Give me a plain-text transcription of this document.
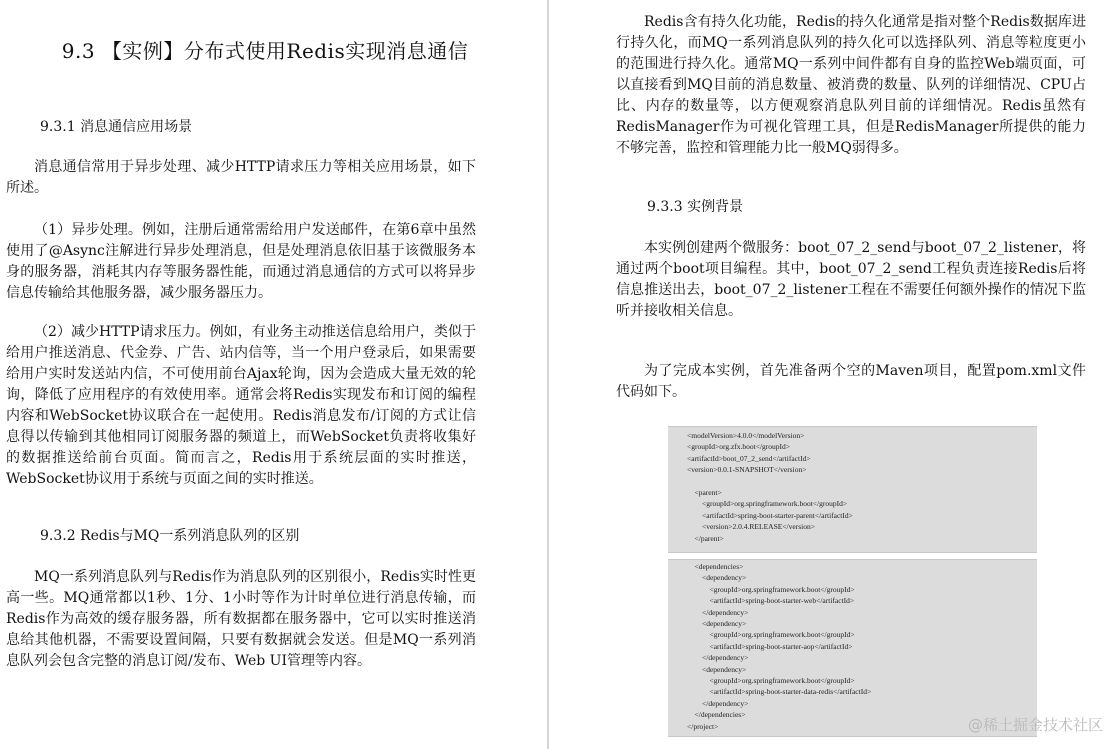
9.3 【实例】分布式使用Redis实现消息通信
9.3.1 消息通信应用场景
消息通信常用于异步处理、减少HTTP请求压力等相关应用场景，如下所述。
（1）异步处理。例如，注册后通常需给用户发送邮件，在第6章中虽然使用了@Async注解进行异步处理消息，但是处理消息依旧基于该微服务本身的服务器，消耗其内存等服务器性能，而通过消息通信的方式可以将异步信息传输给其他服务器，减少服务器压力。
（2）减少HTTP请求压力。例如，有业务主动推送信息给用户，类似于给用户推送消息、代金券、广告、站内信等，当一个用户登录后，如果需要给用户实时发送站内信，不可使用前台Ajax轮询，因为会造成大量无效的轮询，降低了应用程序的有效使用率。通常会将Redis实现发布和订阅的编程内容和WebSocket协议联合在一起使用。Redis消息发布/订阅的方式让信息得以传输到其他相同订阅服务器的频道上，而WebSocket负责将收集好的数据推送给前台页面。简而言之，Redis用于系统层面的实时推送，WebSocket协议用于系统与页面之间的实时推送。
9.3.2 Redis与MQ一系列消息队列的区别
MQ一系列消息队列与Redis作为消息队列的区别很小，Redis实时性更高一些。MQ通常都以1秒、1分、1小时等作为计时单位进行消息传输，而Redis作为高效的缓存服务器，所有数据都在服务器中，它可以实时推送消息给其他机器，不需要设置间隔，只要有数据就会发送。但是MQ一系列消息队列会包含完整的消息订阅/发布、Web UI管理等内容。
Redis含有持久化功能，Redis的持久化通常是指对整个Redis数据库进行持久化，而MQ一系列消息队列的持久化可以选择队列、消息等粒度更小的范围进行持久化。通常MQ一系列中间件都有自身的监控Web端页面，可以直接看到MQ目前的消息数量、被消费的数量、队列的详细情况、CPU占比、内存的数量等，以方便观察消息队列目前的详细情况。Redis虽然有RedisManager作为可视化管理工具，但是RedisManager所提供的能力不够完善，监控和管理能力比一般MQ弱得多。
9.3.3 实例背景
本实例创建两个微服务：boot_07_2_send与boot_07_2_listener，将通过两个boot项目编程。其中，boot_07_2_send工程负责连接Redis后将信息推送出去，boot_07_2_listener工程在不需要任何额外操作的情况下监听并接收相关信息。
为了完成本实例，首先准备两个空的Maven项目，配置pom.xml文件代码如下。
<modelVersion>4.0.0</modelVersion>
<groupId>org.zfx.boot</groupId>
<artifactId>boot_07_2_send</artifactId>
<version>0.0.1-SNAPSHOT</version>

<parent>
<groupId>org.springframework.boot</groupId>
<artifactId>spring-boot-starter-parent</artifactId>
<version>2.0.4.RELEASE</version>
</parent>
<dependencies>
<dependency>
<groupId>org.springframework.boot</groupId>
<artifactId>spring-boot-starter-web</artifactId>
</dependency>
<dependency>
<groupId>org.springframework.boot</groupId>
<artifactId>spring-boot-starter-aop</artifactId>
</dependency>
<dependency>
<groupId>org.springframework.boot</groupId>
<artifactId>spring-boot-starter-data-redis</artifactId>
</dependency>
</dependencies>
</project>	@稀土掘金技术社区
